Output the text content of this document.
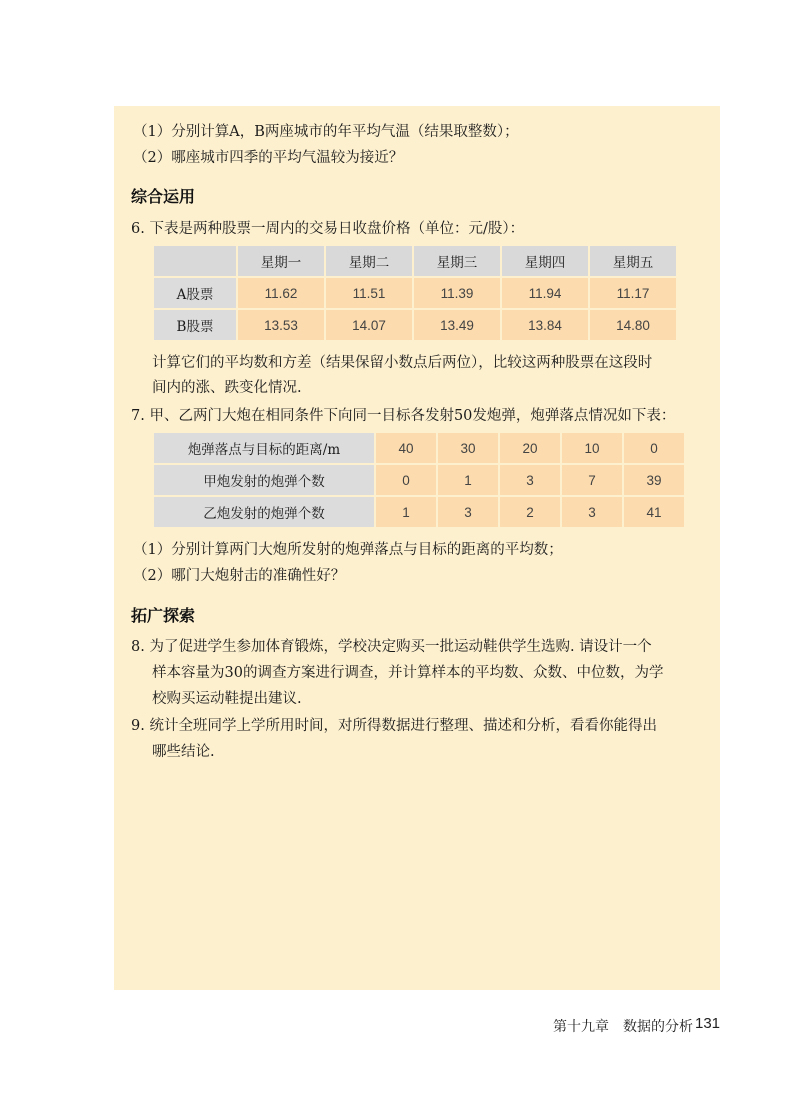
（1）分别计算A，B两座城市的年平均气温（结果取整数）；
（2）哪座城市四季的平均气温较为接近？
综合运用
6. 下表是两种股票一周内的交易日收盘价格（单位：元/股）：
	星期一	星期二	星期三	星期四	星期五
A股票	11.62	11.51	11.39	11.94	11.17
B股票	13.53	14.07	13.49	13.84	14.80
计算它们的平均数和方差（结果保留小数点后两位），比较这两种股票在这段时
间内的涨、跌变化情况.
7. 甲、乙两门大炮在相同条件下向同一目标各发射50发炮弹，炮弹落点情况如下表：
炮弹落点与目标的距离/m	40	30	20	10	0
甲炮发射的炮弹个数	0	1	3	7	39
乙炮发射的炮弹个数	1	3	2	3	41
（1）分别计算两门大炮所发射的炮弹落点与目标的距离的平均数；
（2）哪门大炮射击的准确性好？
拓广探索
8. 为了促进学生参加体育锻炼，学校决定购买一批运动鞋供学生选购. 请设计一个
样本容量为30的调查方案进行调查，并计算样本的平均数、众数、中位数，为学
校购买运动鞋提出建议.
9. 统计全班同学上学所用时间，对所得数据进行整理、描述和分析，看看你能得出
哪些结论.
第十九章　数据的分析 131
